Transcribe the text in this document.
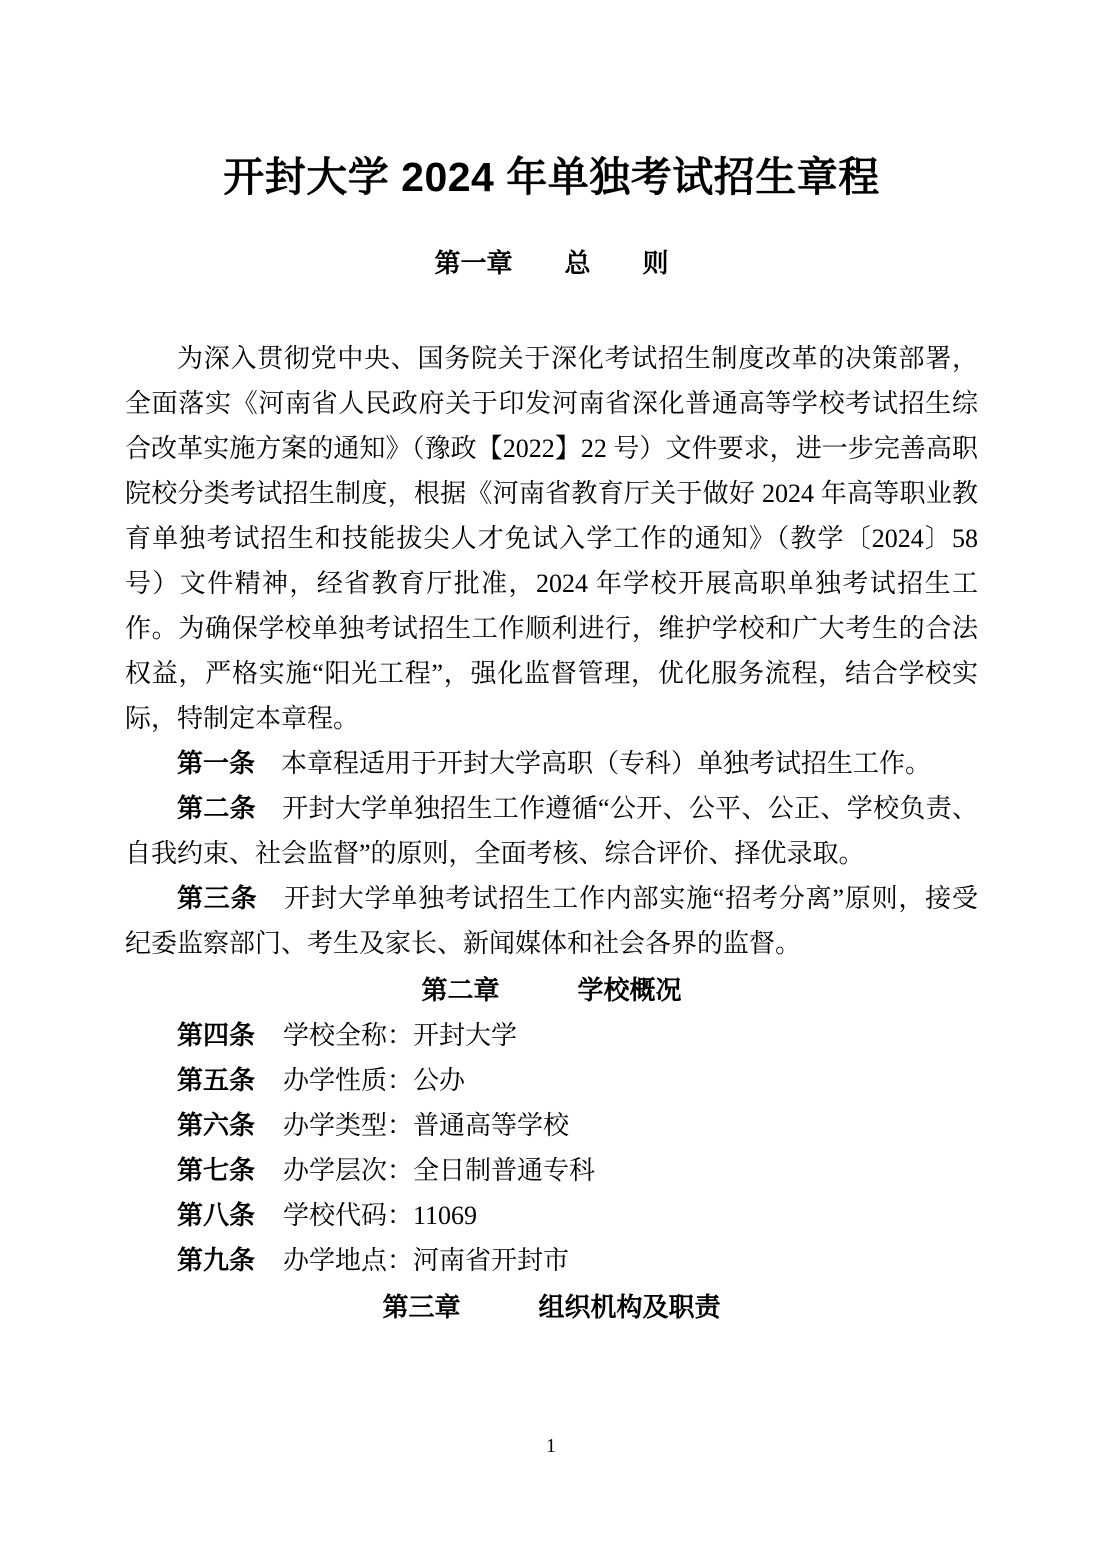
开封大学 2024 年单独考试招生章程
第一章　　总　　则

为深入贯彻党中央、国务院关于深化考试招生制度改革的决策部署，全面落实《河南省人民政府关于印发河南省深化普通高等学校考试招生综合改革实施方案的通知》（豫政【2022】22 号）文件要求，进一步完善高职院校分类考试招生制度，根据《河南省教育厅关于做好 2024 年高等职业教育单独考试招生和技能拔尖人才免试入学工作的通知》（教学〔2024〕58 号）文件精神，经省教育厅批准，2024 年学校开展高职单独考试招生工作。为确保学校单独考试招生工作顺利进行，维护学校和广大考生的合法权益，严格实施“阳光工程”，强化监督管理，优化服务流程，结合学校实际，特制定本章程。

第一条 本章程适用于开封大学高职（专科）单独考试招生工作。

第二条 开封大学单独招生工作遵循“公开、公平、公正、学校负责、自我约束、社会监督”的原则，全面考核、综合评价、择优录取。

第三条 开封大学单独考试招生工作内部实施“招考分离”原则，接受纪委监察部门、考生及家长、新闻媒体和社会各界的监督。

第二章　　　学校概况

第四条 学校全称：开封大学

第五条 办学性质：公办

第六条 办学类型：普通高等学校

第七条 办学层次：全日制普通专科

第八条 学校代码：11069

第九条 办学地点：河南省开封市

第三章　　　组织机构及职责
1
